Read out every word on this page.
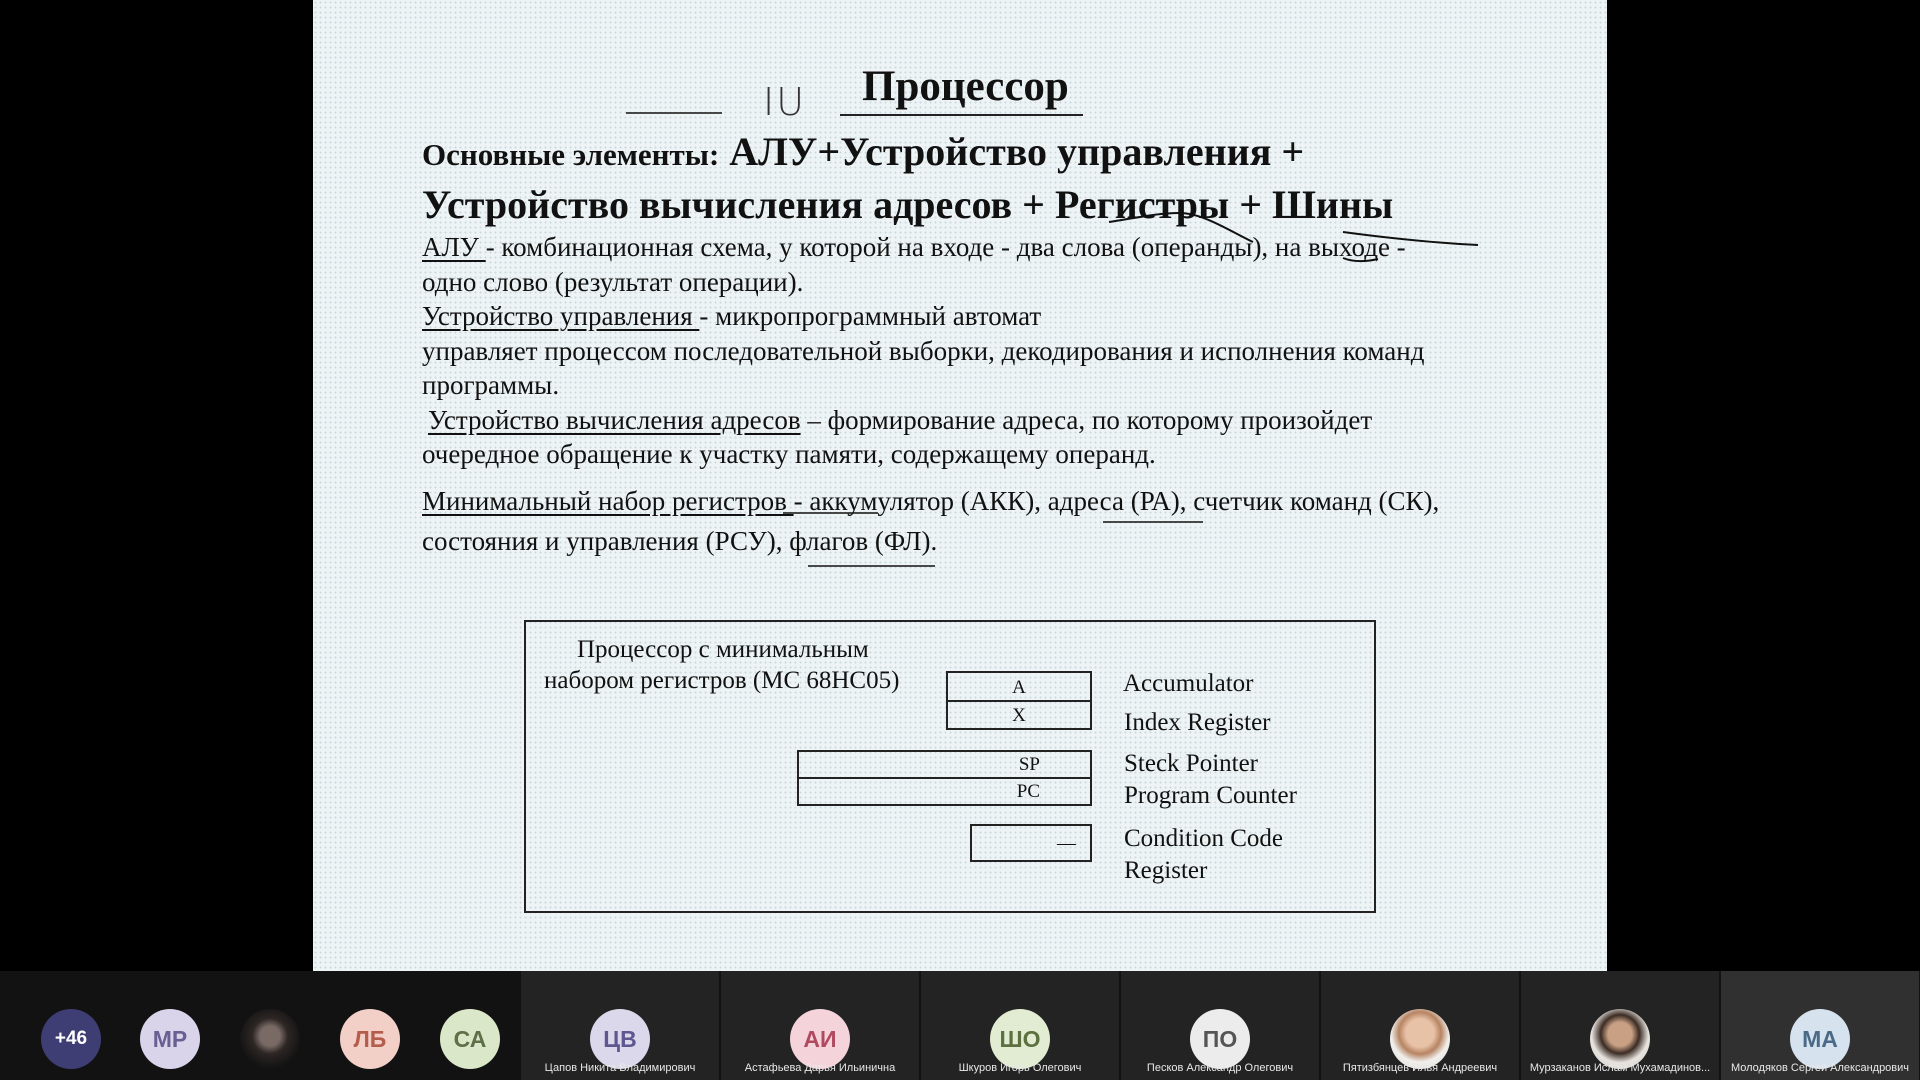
IU Процессор
Основные элементы: АЛУ+Устройство управления +
Устройство вычисления адресов + Регистры + Шины
АЛУ - комбинационная схема, у которой на входе - два слова (операнды), на выходе -
одно слово (результат операции).
Устройство управления - микропрограммный автомат
управляет процессом последовательной выборки, декодирования и исполнения команд
программы.
Устройство вычисления адресов – формирование адреса, по которому произойдет
очередное обращение к участку памяти, содержащему операнд.
Минимальный набор регистров - аккумулятор (АКК), адреса (РА), счетчик команд (СК),
состояния и управления (РСУ), флагов (ФЛ).
Процессор с минимальным
набором регистров (МС 68НС05)	A
X
SP
PC
—
Accumulator
Index Register
Steck Pointer
Program Counter
Condition Code
Register
+46	МР	ЛБ	СА	ЦВ
Цапов Никита Владимирович
АИ
Астафьева Дарья Ильинична
ШО
Шкуров Игорь Олегович
ПО
Песков Александр Олегович	Пятизбянцев Илья Андреевич	Мурзаканов Ислам Мухамадинов...
МА
Молодяков Сергей Александрович
